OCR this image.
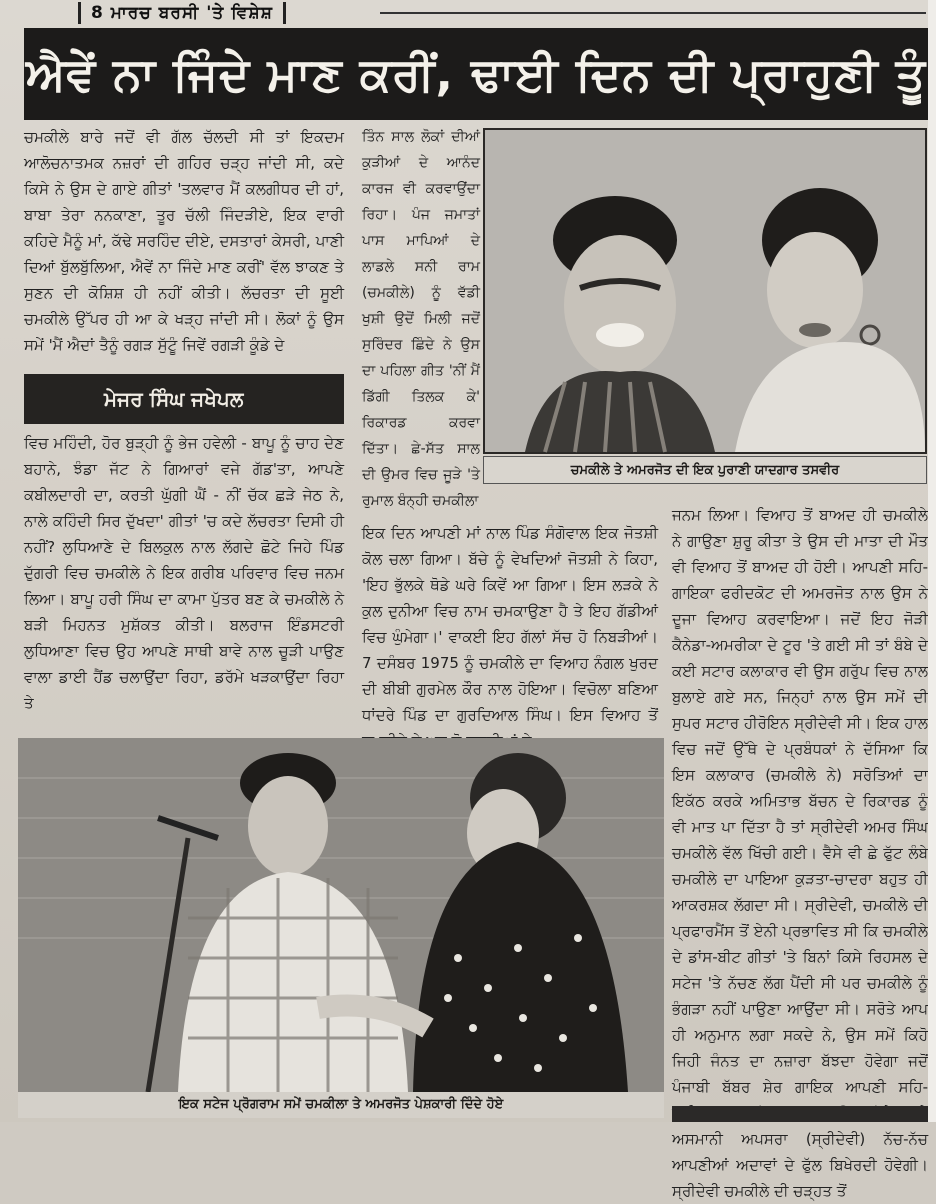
8 ਮਾਰਚ ਬਰਸੀ 'ਤੇ ਵਿਸ਼ੇਸ਼
ਐਵੇਂ ਨਾ ਜਿੰਦੇ ਮਾਣ ਕਰੀਂ, ਢਾਈ ਦਿਨ ਦੀ ਪ੍ਰਾਹੁਣੀ ਤੂੰ

ਚਮਕੀਲੇ ਬਾਰੇ ਜਦੋਂ ਵੀ ਗੱਲ ਚੱਲਦੀ ਸੀ ਤਾਂ ਇਕਦਮ ਆਲੋਚਨਾਤਮਕ ਨਜ਼ਰਾਂ ਦੀ ਗਹਿਰ ਚੜ੍ਹ ਜਾਂਦੀ ਸੀ, ਕਦੇ ਕਿਸੇ ਨੇ ਉਸ ਦੇ ਗਾਏ ਗੀਤਾਂ 'ਤਲਵਾਰ ਮੈਂ ਕਲਗੀਧਰ ਦੀ ਹਾਂ, ਬਾਬਾ ਤੇਰਾ ਨਨਕਾਣਾ, ਤੂਰ ਚੱਲੀ ਜਿੰਦੜੀਏ, ਇਕ ਵਾਰੀ ਕਹਿਦੇ ਮੈਨੂੰ ਮਾਂ, ਕੱਢੇ ਸਰਹਿੰਦ ਦੀਏ, ਦਸਤਾਰਾਂ ਕੇਸਰੀ, ਪਾਣੀ ਦਿਆਂ ਬੁੱਲਬੁੱਲਿਆ, ਐਵੇਂ ਨਾ ਜਿੰਦੇ ਮਾਣ ਕਰੀਂ' ਵੱਲ ਝਾਕਣ ਤੇ ਸੁਣਨ ਦੀ ਕੋਸ਼ਿਸ਼ ਹੀ ਨਹੀਂ ਕੀਤੀ। ਲੱਚਰਤਾ ਦੀ ਸੂਈ ਚਮਕੀਲੇ ਉੱਪਰ ਹੀ ਆ ਕੇ ਖੜ੍ਹ ਜਾਂਦੀ ਸੀ। ਲੋਕਾਂ ਨੂੰ ਉਸ ਸਮੇਂ 'ਮੈਂ ਐਦਾਂ ਤੈਨੂੰ ਰਗੜ ਸੁੱਟੂੰ ਜਿਵੇਂ ਰਗੜੀ ਕੂੰਡੇ ਦੇ

ਮੇਜਰ ਸਿੰਘ ਜਖੇਪਲ

ਵਿਚ ਮਹਿੰਦੀ, ਹੋਰ ਬੁੜ੍ਹੀ ਨੂੰ ਭੇਜ ਹਵੇਲੀ - ਬਾਪੂ ਨੂੰ ਚਾਹ ਦੇਣ ਬਹਾਨੇ, ਝੰਡਾ ਜੱਟ ਨੇ ਗਿਆਰਾਂ ਵਜੇ ਗੱਡ'ਤਾ, ਆਪਣੇ ਕਬੀਲਦਾਰੀ ਦਾ, ਕਰਤੀ ਘੁੱਗੀ ਘੈਂ - ਨੀਂ ਚੱਕ ਛੜੇ ਜੇਠ ਨੇ, ਨਾਲੇ ਕਹਿੰਦੀ ਸਿਰ ਦੁੱਖਦਾ' ਗੀਤਾਂ 'ਚ ਕਦੇ ਲੱਚਰਤਾ ਦਿਸੀ ਹੀ ਨਹੀਂ? ਲੁਧਿਆਣੇ ਦੇ ਬਿਲਕੁਲ ਨਾਲ ਲੱਗਦੇ ਛੋਟੇ ਜਿਹੇ ਪਿੰਡ ਦੁੱਗਰੀ ਵਿਚ ਚਮਕੀਲੇ ਨੇ ਇਕ ਗਰੀਬ ਪਰਿਵਾਰ ਵਿਚ ਜਨਮ ਲਿਆ। ਬਾਪੂ ਹਰੀ ਸਿੰਘ ਦਾ ਕਾਮਾ ਪੁੱਤਰ ਬਣ ਕੇ ਚਮਕੀਲੇ ਨੇ ਬੜੀ ਮਿਹਨਤ ਮੁਸ਼ੱਕਤ ਕੀਤੀ। ਬਲਰਾਜ ਇੰਡਸਟਰੀ ਲੁਧਿਆਣਾ ਵਿਚ ਉਹ ਆਪਣੇ ਸਾਥੀ ਬਾਵੇ ਨਾਲ ਚੂੜੀ ਪਾਉਣ ਵਾਲਾ ਡਾਈ ਹੈਂਡ ਚਲਾਉਂਦਾ ਰਿਹਾ, ਡਰੱਮੇ ਖੜਕਾਉਂਦਾ ਰਿਹਾ ਤੇ

ਤਿੰਨ ਸਾਲ ਲੋਕਾਂ ਦੀਆਂ ਕੁੜੀਆਂ ਦੇ ਆਨੰਦ ਕਾਰਜ ਵੀ ਕਰਵਾਉਂਦਾ ਰਿਹਾ। ਪੰਜ ਜਮਾਤਾਂ ਪਾਸ ਮਾਪਿਆਂ ਦੇ ਲਾਡਲੇ ਸਨੀ ਰਾਮ (ਚਮਕੀਲੇ) ਨੂੰ ਵੱਡੀ ਖੁਸ਼ੀ ਉਦੋਂ ਮਿਲੀ ਜਦੋਂ ਸੁਰਿੰਦਰ ਛਿੰਦੇ ਨੇ ਉਸ ਦਾ ਪਹਿਲਾ ਗੀਤ 'ਨੀਂ ਮੈਂ ਡਿੱਗੀ ਤਿਲਕ ਕੇ' ਰਿਕਾਰਡ ਕਰਵਾ ਦਿੱਤਾ। ਛੇ-ਸੱਤ ਸਾਲ ਦੀ ਉਮਰ ਵਿਚ ਜੂੜੇ 'ਤੇ ਰੁਮਾਲ ਬੰਨ੍ਹੀ ਚਮਕੀਲਾ

ਇਕ ਦਿਨ ਆਪਣੀ ਮਾਂ ਨਾਲ ਪਿੰਡ ਸੰਗੋਵਾਲ ਇਕ ਜੋਤਸ਼ੀ ਕੋਲ ਚਲਾ ਗਿਆ। ਬੱਚੇ ਨੂੰ ਵੇਖਦਿਆਂ ਜੋਤਸ਼ੀ ਨੇ ਕਿਹਾ, 'ਇਹ ਭੁੱਲਕੇ ਥੋਡੇ ਘਰੇ ਕਿਵੇਂ ਆ ਗਿਆ। ਇਸ ਲੜਕੇ ਨੇ ਕੁਲ ਦੁਨੀਆ ਵਿਚ ਨਾਮ ਚਮਕਾਉਣਾ ਹੈ ਤੇ ਇਹ ਗੱਡੀਆਂ ਵਿਚ ਘੁੰਮੇਗਾ।' ਵਾਕਈ ਇਹ ਗੱਲਾਂ ਸੱਚ ਹੋ ਨਿਬੜੀਆਂ। 7 ਦਸੰਬਰ 1975 ਨੂੰ ਚਮਕੀਲੇ ਦਾ ਵਿਆਹ ਨੰਗਲ ਖੁਰਦ ਦੀ ਬੀਬੀ ਗੁਰਮੇਲ ਕੌਰ ਨਾਲ ਹੋਇਆ। ਵਿਚੋਲਾ ਬਣਿਆ ਧਾਂਦਰੇ ਪਿੰਡ ਦਾ ਗੁਰਦਿਆਲ ਸਿੰਘ। ਇਸ ਵਿਆਹ ਤੋਂ

ਚਮਕੀਲੇ ਤੇ ਅਮਰਜੋਤ ਦੀ ਇਕ ਪੁਰਾਣੀ ਯਾਦਗਾਰ ਤਸਵੀਰ

ਜਨਮ ਲਿਆ। ਵਿਆਹ ਤੋਂ ਬਾਅਦ ਹੀ ਚਮਕੀਲੇ ਨੇ ਗਾਉਣਾ ਸ਼ੁਰੂ ਕੀਤਾ ਤੇ ਉਸ ਦੀ ਮਾਤਾ ਦੀ ਮੌਤ ਵੀ ਵਿਆਹ ਤੋਂ ਬਾਅਦ ਹੀ ਹੋਈ। ਆਪਣੀ ਸਹਿ-ਗਾਇਕਾ ਫਰੀਦਕੋਟ ਦੀ ਅਮਰਜੋਤ ਨਾਲ ਉਸ ਨੇ ਦੂਜਾ ਵਿਆਹ ਕਰਵਾਇਆ। ਜਦੋਂ ਇਹ ਜੋੜੀ ਕੈਨੇਡਾ-ਅਮਰੀਕਾ ਦੇ ਟੂਰ 'ਤੇ ਗਈ ਸੀ ਤਾਂ ਬੰਬੇ ਦੇ ਕਈ ਸਟਾਰ ਕਲਾਕਾਰ ਵੀ ਉਸ ਗਰੁੱਪ ਵਿਚ ਨਾਲ ਬੁਲਾਏ ਗਏ ਸਨ, ਜਿਨ੍ਹਾਂ ਨਾਲ ਉਸ ਸਮੇਂ ਦੀ ਸੁਪਰ ਸਟਾਰ ਹੀਰੋਇਨ ਸ੍ਰੀਦੇਵੀ ਸੀ। ਇਕ ਹਾਲ ਵਿਚ ਜਦੋਂ ਉੱਥੇ ਦੇ ਪ੍ਰਬੰਧਕਾਂ ਨੇ ਦੱਸਿਆ ਕਿ ਇਸ ਕਲਾਕਾਰ (ਚਮਕੀਲੇ ਨੇ) ਸਰੋਤਿਆਂ ਦਾ ਇਕੱਠ ਕਰਕੇ ਅਮਿਤਾਭ ਬੱਚਨ ਦੇ ਰਿਕਾਰਡ ਨੂੰ ਵੀ ਮਾਤ ਪਾ ਦਿੱਤਾ ਹੈ ਤਾਂ ਸ੍ਰੀਦੇਵੀ ਅਮਰ ਸਿੰਘ ਚਮਕੀਲੇ ਵੱਲ ਖਿੱਚੀ ਗਈ। ਵੈਸੇ ਵੀ ਛੇ ਫੁੱਟ ਲੰਬੇ ਚਮਕੀਲੇ ਦਾ ਪਾਇਆ ਕੁੜਤਾ-ਚਾਦਰਾ ਬਹੁਤ ਹੀ ਆਕਰਸ਼ਕ ਲੱਗਦਾ ਸੀ। ਸ੍ਰੀਦੇਵੀ, ਚਮਕੀਲੇ ਦੀ ਪ੍ਰਫਾਰਮੈਂਸ ਤੋਂ ਏਨੀ ਪ੍ਰਭਾਵਿਤ ਸੀ ਕਿ ਚਮਕੀਲੇ ਦੇ ਡਾਂਸ-ਬੀਟ ਗੀਤਾਂ 'ਤੇ ਬਿਨਾਂ ਕਿਸੇ ਰਿਹਸਲ ਦੇ ਸਟੇਜ 'ਤੇ ਨੱਚਣ ਲੱਗ ਪੈਂਦੀ ਸੀ ਪਰ ਚਮਕੀਲੇ ਨੂੰ ਭੰਗੜਾ ਨਹੀਂ ਪਾਉਣਾ ਆਉਂਦਾ ਸੀ। ਸਰੋਤੇ ਆਪ ਹੀ ਅਨੁਮਾਨ ਲਗਾ ਸਕਦੇ ਨੇ, ਉਸ ਸਮੇਂ ਕਿਹੋ ਜਿਹੀ ਜੰਨਤ ਦਾ ਨਜ਼ਾਰਾ ਬੱਝਦਾ ਹੋਵੇਗਾ ਜਦੋਂ ਪੰਜਾਬੀ ਬੱਬਰ ਸ਼ੇਰ ਗਾਇਕ ਆਪਣੀ ਸਹਿ- ਅਸਮਾਨੀ ਅਪਸਰਾ (ਸ੍ਰੀਦੇਵੀ) ਨੱਚ-ਨੱਚ ਆਪਣੀਆਂ ਅਦਾਵਾਂ ਦੇ ਫੁੱਲ ਬਿਖੇਰਦੀ ਹੋਵੇਗੀ। ਸ੍ਰੀਦੇਵੀ ਚਮਕੀਲੇ ਦੀ ਚੜ੍ਹਤ ਤੋਂ

ਇਕ ਸਟੇਜ ਪ੍ਰੋਗਰਾਮ ਸਮੇਂ ਚਮਕੀਲਾ ਤੇ ਅਮਰਜੋਤ ਪੇਸ਼ਕਾਰੀ ਦਿੰਦੇ ਹੋਏ
